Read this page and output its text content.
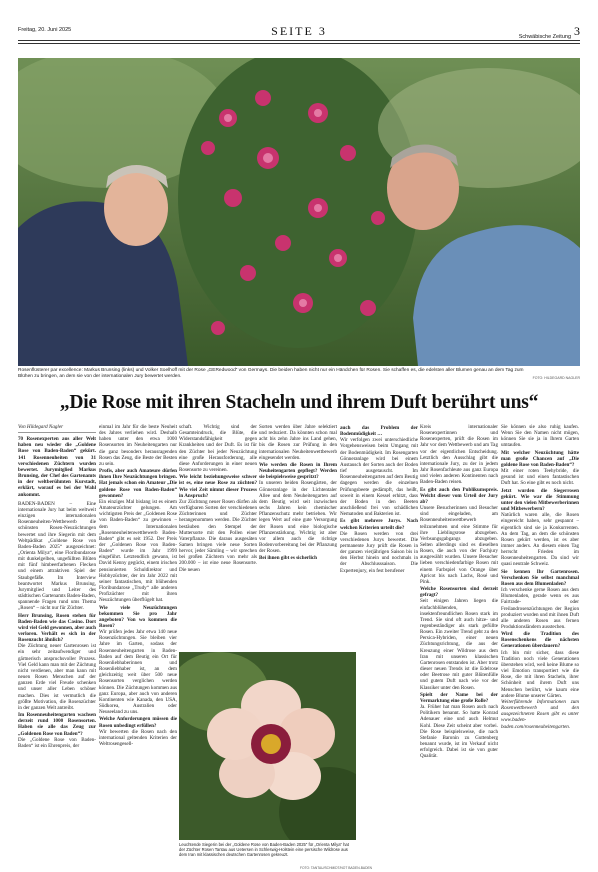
Freitag, 20. Juni 2025	SEITE 3	Schwäbische Zeitung 3

Rosenflüsterer par excellence: Markus Brunsing (links) und Volker Soelhoff mit der Rose „GERedwood“ von Germays. Die beiden haben nicht nur ein Händchen für Rosen. Sie schaffen es, die edelsten aller Blumen genau an dem Tag zum Blühen zu bringen, an dem sie von der internationalen Jury bewertet werden.	FOTO: HILDEGARD NAGLER
„Die Rose mit ihren Stacheln und ihrem Duft berührt uns“

Von Hildegard Nagler

70 Rosenexperten aus aller Welt haben neu wieder die „Goldene Rose von Baden-Baden“ gekürt. 141 Rosenneuheiten von 31 verschiedenen Züchtern wurden bewertet. Jurymitglied Markus Brunsing, der Chef des Gartenamts in der weltberühmten Kurstadt, erklärt, worauf es bei der Wahl ankommt.

BADEN-BADEN – Eine internationale Jury hat beim weltweit einzigen internationalen Rosenneuheiten-Wettbewerb die schönsten Rosen-Neuzüchtungen bewertet und ihre Siegerin mit dem Weltpädikat „Goldene Rose von Baden-Baden 2025“ ausgezeichnet: „Orienta Milya“, eine Floribundarose mit dunkelgelben, ungefüllten Blüten mit fünf himbeerfarbenen Flecken und einem attraktiven Spiel der Staubgefäße. Im Interview beantwortet Markus Brunsing, Jurymitglied und Leiter des städtischen Gartenamts Baden-Baden, spannende Fragen rund ums Thema „Rosen“ – nicht nur für Züchter.

Herr Brunsing, Rosen stehen für Baden-Baden wie das Casino. Dort wird viel Geld gewonnen, aber auch verloren. Verhält es sich in der Rosenzucht ähnlich?

Die Züchtung neuer Gartenrosen ist ein sehr zeitaufwendiger und gärtnerisch anspruchsvoller Prozess. Viel Geld kann man mit der Züchtung nicht verdienen, aber man kann mit neuen Rosen Menschen auf der ganzen Erde viel Freude schenken und unser aller Leben schöner machen. Dies ist vermutlich die größte Motivation, die Rosenzüchter in der ganzen Welt antreibt.

Im Rosenneuheitengarten wachsen derzeit rund 1000 Rosensorten. Haben sie alle das Zeug zur „Goldenen Rose von Baden“?

Die „Goldene Rose von Baden-Baden“ ist ein Ehrenpreis, der

einmal im Jahr für die beste Neuheit des Jahres verliehen wird. Deshalb haben unter den etwa 1000 Rosensorten im Neuheitengarten nur die ganz besonders herausragenden Rosen das Zeug, die Beste der Besten zu sein.

Profis, aber auch Amateure dürfen ihnen Ihre Neuzüchtungen bringen. Hat jemals schon ein Amateur „Die goldene Rose von Baden-Baden“ gewonnen?

Ein einziges Mal bislang ist es einem Amateurzüchter gelungen. Am wichtigsten Preis der „Goldenen Rose von Baden-Baden“ zu gewinnen – dem Internationalen „Rosenneuheitenwettbewerb Baden-Baden“ gibt es seit 1952. Der Preis der „Goldenen Rose von Baden-Baden“ wurde im Jahr 1999 eingeführt. Letztendlich gewann, ist David Kenny gegückt, einem irischen pensionierten Schuldirektor und Hobbyzüchter, der im Jahr 2022 mit seiner fantastischen, mit blühenden Floribundarose „Trudy“ alle anderen Profizüchter mit ihren Neuzüchtungen überflügelt hat.

Wie viele Neuzüchtungen bekommen Sie pro Jahr angeboten? Von wo kommen die Rosen?

Wir prüfen jedes Jahr etwa 140 neue Rosenzüchtungen. Sie bleiben vier Jahre im Garten, sodass der Rosenneuheitengarten in Baden-Baden auf dem Beutig ein Ort für Rosenliebhaberinnen und Rosenliebhaber ist, an dem gleichzeitig weit über 500 neue Rosensorten verglichen werden können. Die Züchtungen kommen aus ganz Europa, aber auch von anderen Kontinenten wie Kanada, den USA, Südkorea, Australien oder Neuseeland zu uns.

Welche Anforderungen müssen die Rosen unbedingt erfüllen?

Wir bewerten die Rosen nach den international geltenden Kriterien der Weltrosengesell-

schaft. Wichtig sind der Gesamteindruck, die Blüte, die Widerstandsfähigkeit gegen Krankheiten und der Duft. Es ist für den Züchter bei jeder Neuzüchtung eine große Herausforderung, alle diese Anforderungen in einer neuen Rosensorte zu vereinen.

Wie leicht beziehungsweise schwer ist es, eine neue Rose zu züchten? Wie viel Zeit nimmt dieser Prozess in Anspruch?

Zur Züchtung neuer Rosen dürfen als verfügbaren Sorten der verschiedenen Züchterinnen und Züchter herangenommen werden. Die Züchter bestäuben den Stempel der Muttersorte mit den Pollen einer Vaterpflanze. Die daraus ausgesäten Samen bringen viele neue Sorten hervor, jeder Sämling – wir sprechen bei großen Züchtern von mehr als 200.000 – ist eine neue Rosensorte. Die neuen

Sorten werden über Jahre selektiert und reduziert. Da könnten schon mal acht bis zehn Jahre ins Land gehen, bis die Rosen zur Prüfung in den internationalen Neuheitenwettbewerb eingesendet werden.

Wie werden die Rosen in Ihrem Neuheitengarten gepflegt? Werden sie beispielsweise gespritzt?

In unseren beiden Rosengärten, der Gönneranlage in der Lichtentaler Allee und dem Neuheitengarten auf dem Beutig wird seit inzwischen sechs Jahren kein chemischer Pflanzenschutz mehr betrieben. Wir legen Wert auf eine gute Versorgung der Rosen und eine biologische Pflanzenstärkung. Wichtig ist aber vor allem auch die richtige Bodenvorbereitung bei der Pflanzung der Rosen.

Bei ihnen gibt es sicherlich

Leuchtende Siegerin bei der „Goldene Rose von Baden-Baden 2025“ für „Orienta Milya“ hat der Züchter Rosen Tantau aus Uetersen in Schleswig-Holstein eine persische Wildrose aus dem Iran mit klassischen deutschen Gartenrosen gekreuzt.

FOTO: TANTAU/SCHMIDT/NOT BADEN-BADEN

auch das Problem der Bodenmüdigkeit …

Wir verfolgen zwei unterschiedliche Vorgehensweisen beim Umgang mit der Bodenmüdigkeit. Im Rosengarten Gönneranlage wird bei einem Austausch der Sorten auch der Boden tief ausgetauscht. Im Rosenneuheitengarten auf dem Beutig dagegen werden die einzelnen Prüfungsbeete gedämpft, das heißt, soweit in einem Kessel erhitzt, dass der Boden in den Beeten anschließend frei von schädlichen Nematoden und Bakterien ist.

Es gibt mehrere Jurys. Nach welchen Kriterien urteilt die?

Die Rosen werden von drei verschiedenen Jurys bewertet. Die permanente Jury prüft die Rosen in der ganzen vierjährigen Saison bis in den Herbst hinein und nochmals in der Abschlusssaison. Die Expertenjury, ein fest berufener

Kreis internationaler Rosenexpertinnen und Rosenexperten, prüft die Rosen im Jahr vor dem Wettbewerb und am Tag vor der eigentlichen Entscheidung. Letztlich den Ausschlag gibt die internationale Jury, zu der in jedem Jahr Rosenfachleute aus ganz Europa und vielen anderen Kontinenten nach Baden-Baden reisen.

Es gibt auch den Publikumspreis. Welcht dieser vom Urteil der Jury ab?

Unsere Besucherinnen und Besucher sind eingeladen, am Rosenneuheitenwettbewerb teilzunehmen und eine Stimme für ihre Lieblingsrose abzugeben. Verbsungsgabgangs abzugeben. Selten allerdings sind es dieselben Rosen, die auch von der Fachjury ausgewählt wurden. Unsere Besucher lieben verschiedenfarbige Rosen mit einem Farbspiel von Orange über Apricot bis nach Lachs, Rosé und Pink.

Welche Rosensorten sind derzeit gefragt?

Seit einigen Jahren liegen die einfachblühenden, insektenfreundlichen Rosen stark im Trend. Sie sind oft auch hitze- und regenbeständiger als stark gefüllte Rosen. Ein zweiter Trend geht zu den Persica-Hybriden, einer neuen Züchtungsrichtung, die aus der Kreuzung einer Wildrose aus dem Iran mit unseren klassischen Gartenrosen entstanden ist. Aber trotz dieser neuen Trends ist die Edelrose oder Beetrose mit guter Blütenfülle und gutem Duft nach wie vor der Klassiker unter den Rosen.

Spielt der Name bei der Vermarktung eine große Rolle?

Ja. Früher hat man Rosen auch nach Politikern benannt. So hatte Konrad Adenauer eine und auch Helmut Kohl. Diese Zeit scheint aber vorbei. Die Rose beispielsweise, die nach Stefanie Baronin zu Guttenberg benannt wurde, ist im Verkauf nicht erfolgreich. Dabei ist sie von guter Qualität.

Sie können sie also ruhig kaufen. Wenn Sie den Namen nicht mögen, können Sie sie ja in Ihrem Garten umtaufen.

Mit welcher Neuzüchtung hätte man große Chancen auf „Die goldene Rose von Baden-Baden“?

Mit einer roten Teehybride, die gesund ist und einen fantastischen Duft hat. So eine gibt es noch nicht.

Jetzt wurden die Siegerrosen gekürt. Wie war die Stimmung unter den vielen Mitbewerberinnen und Mitbewerbern?

Natürlich waren alle, die Rosen eingereicht haben, sehr gespannt – eigentlich sind sie ja Konkurrenten. An dem Tag, an dem die schönsten Rosen gekürt werden, ist es aber immer anders. An diesem einen Tag herrscht Frieden im Rosenneuheitengarten. Da sind wir quasi neutrale Schweiz.

Sie kennen Ihr Gartenrosen. Verschenken Sie selbst manchmal Rosen aus dem Blumenladen?

Ich verschenke gerne Rosen aus dem Blumenladen, gerade wenn es aus Fairtrade- oder Freilandrosenzüchtungen der Region produziert wurden und mit ihnen Duft alle anderen Rosen aus fernen Produktionsländern ausstechen.

Wird die Tradition des Rosenschenkens die nächsten Generationen überdauern?

Ich bin mir sicher, dass diese Tradition noch viele Generationen überstehen wird, weil keine Blume so viel Emotion transportiert wie die Rose, die mit ihren Stacheln, ihrer Schönheit und ihrem Duft uns Menschen berührt, wie kaum eine andere Blume unserer Gärten.

Weiterführende Informationen zum Rosenwettbewerb und den ausgezeichneten Rosen gibt es unter www.baden-baden.com/rosenneuheitengarten.
